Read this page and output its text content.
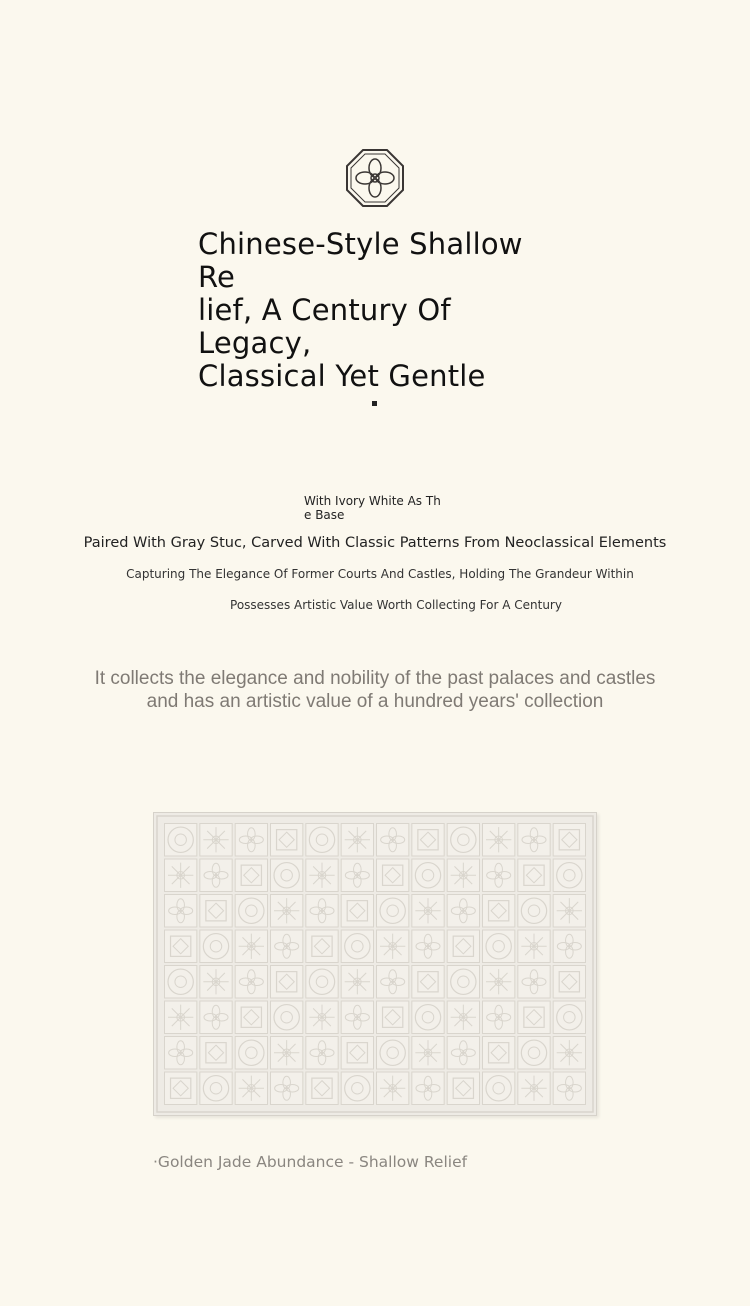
Chinese-Style Shallow Re
lief, A Century Of Legacy,
Classical Yet Gentle
With Ivory White As Th
e Base
Paired With Gray Stuc, Carved With Classic Patterns From Neoclassical Elements
Capturing The Elegance Of Former Courts And Castles, Holding The Grandeur Within
Possesses Artistic Value Worth Collecting For A Century
It collects the elegance and nobility of the past palaces and castles
and has an artistic value of a hundred years' collection
·Golden Jade Abundance - Shallow Relief
